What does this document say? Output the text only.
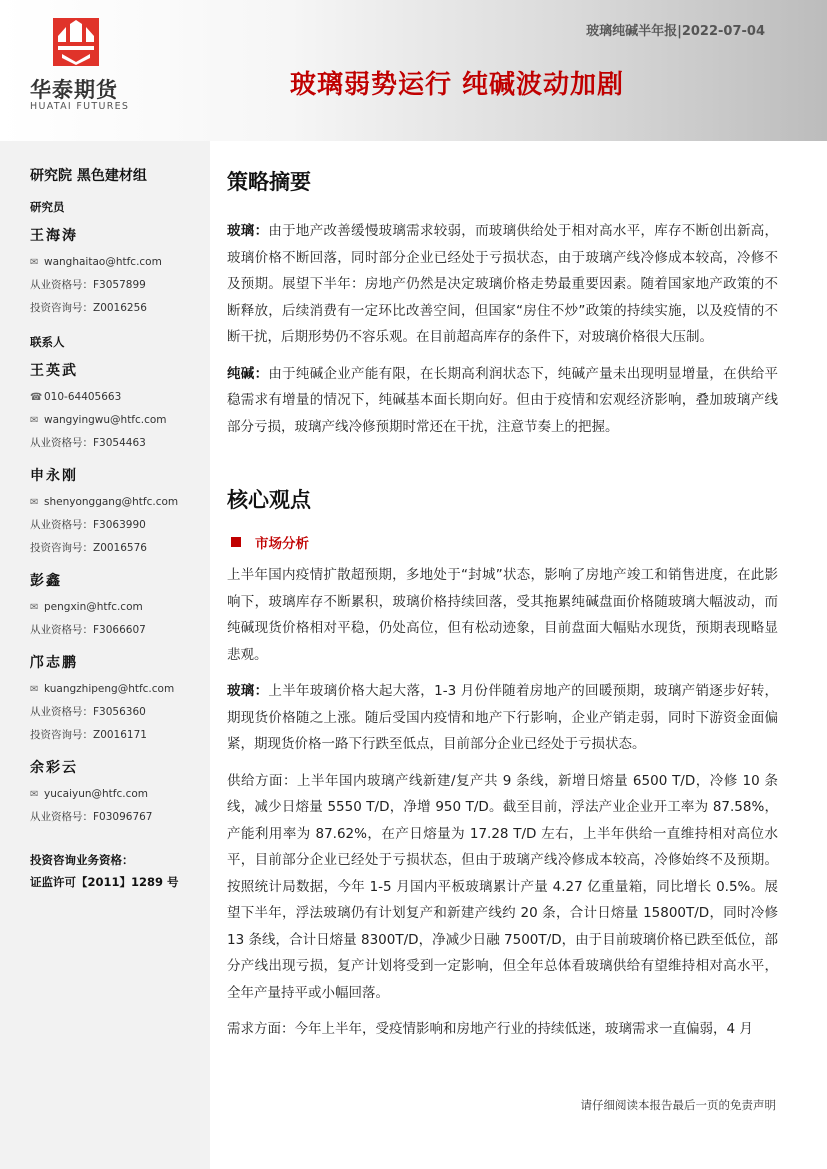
华泰期货
HUATAI FUTURES
玻璃纯碱半年报|2022-07-04
玻璃弱势运行 纯碱波动加剧
研究院 黑色建材组
研究员
王海涛
✉ wanghaitao@htfc.com
从业资格号：F3057899
投资咨询号：Z0016256
联系人
王英武
☎ 010-64405663
✉ wangyingwu@htfc.com
从业资格号：F3054463
申永刚
✉ shenyonggang@htfc.com
从业资格号：F3063990
投资咨询号：Z0016576
彭鑫
✉ pengxin@htfc.com
从业资格号：F3066607
邝志鹏
✉ kuangzhipeng@htfc.com
从业资格号：F3056360
投资咨询号：Z0016171
余彩云
✉ yucaiyun@htfc.com
从业资格号：F03096767
投资咨询业务资格：
证监许可【2011】1289 号
策略摘要

玻璃：由于地产改善缓慢玻璃需求较弱，而玻璃供给处于相对高水平，库存不断创出新高，玻璃价格不断回落，同时部分企业已经处于亏损状态，由于玻璃产线冷修成本较高，冷修不及预期。展望下半年：房地产仍然是决定玻璃价格走势最重要因素。随着国家地产政策的不断释放，后续消费有一定环比改善空间，但国家“房住不炒”政策的持续实施，以及疫情的不断干扰，后期形势仍不容乐观。在目前超高库存的条件下，对玻璃价格很大压制。

纯碱：由于纯碱企业产能有限，在长期高利润状态下，纯碱产量未出现明显增量，在供给平稳需求有增量的情况下，纯碱基本面长期向好。但由于疫情和宏观经济影响，叠加玻璃产线部分亏损，玻璃产线冷修预期时常还在干扰，注意节奏上的把握。

核心观点
市场分析

上半年国内疫情扩散超预期，多地处于“封城”状态，影响了房地产竣工和销售进度，在此影响下，玻璃库存不断累积，玻璃价格持续回落，受其拖累纯碱盘面价格随玻璃大幅波动，而纯碱现货价格相对平稳，仍处高位，但有松动迹象，目前盘面大幅贴水现货，预期表现略显悲观。

玻璃：上半年玻璃价格大起大落，1-3 月份伴随着房地产的回暖预期，玻璃产销逐步好转，期现货价格随之上涨。随后受国内疫情和地产下行影响，企业产销走弱，同时下游资金面偏紧，期现货价格一路下行跌至低点，目前部分企业已经处于亏损状态。

供给方面：上半年国内玻璃产线新建/复产共 9 条线，新增日熔量 6500 T/D，冷修 10 条线，减少日熔量 5550 T/D，净增 950 T/D。截至目前，浮法产业企业开工率为 87.58%，产能利用率为 87.62%，在产日熔量为 17.28 T/D 左右，上半年供给一直维持相对高位水平，目前部分企业已经处于亏损状态，但由于玻璃产线冷修成本较高，冷修始终不及预期。按照统计局数据，今年 1-5 月国内平板玻璃累计产量 4.27 亿重量箱，同比增长 0.5%。展望下半年，浮法玻璃仍有计划复产和新建产线约 20 条，合计日熔量 15800T/D，同时冷修 13 条线，合计日熔量 8300T/D，净减少日融 7500T/D，由于目前玻璃价格已跌至低位，部分产线出现亏损，复产计划将受到一定影响，但全年总体看玻璃供给有望维持相对高水平，全年产量持平或小幅回落。

需求方面：今年上半年，受疫情影响和房地产行业的持续低迷，玻璃需求一直偏弱，4 月

请仔细阅读本报告最后一页的免责声明
